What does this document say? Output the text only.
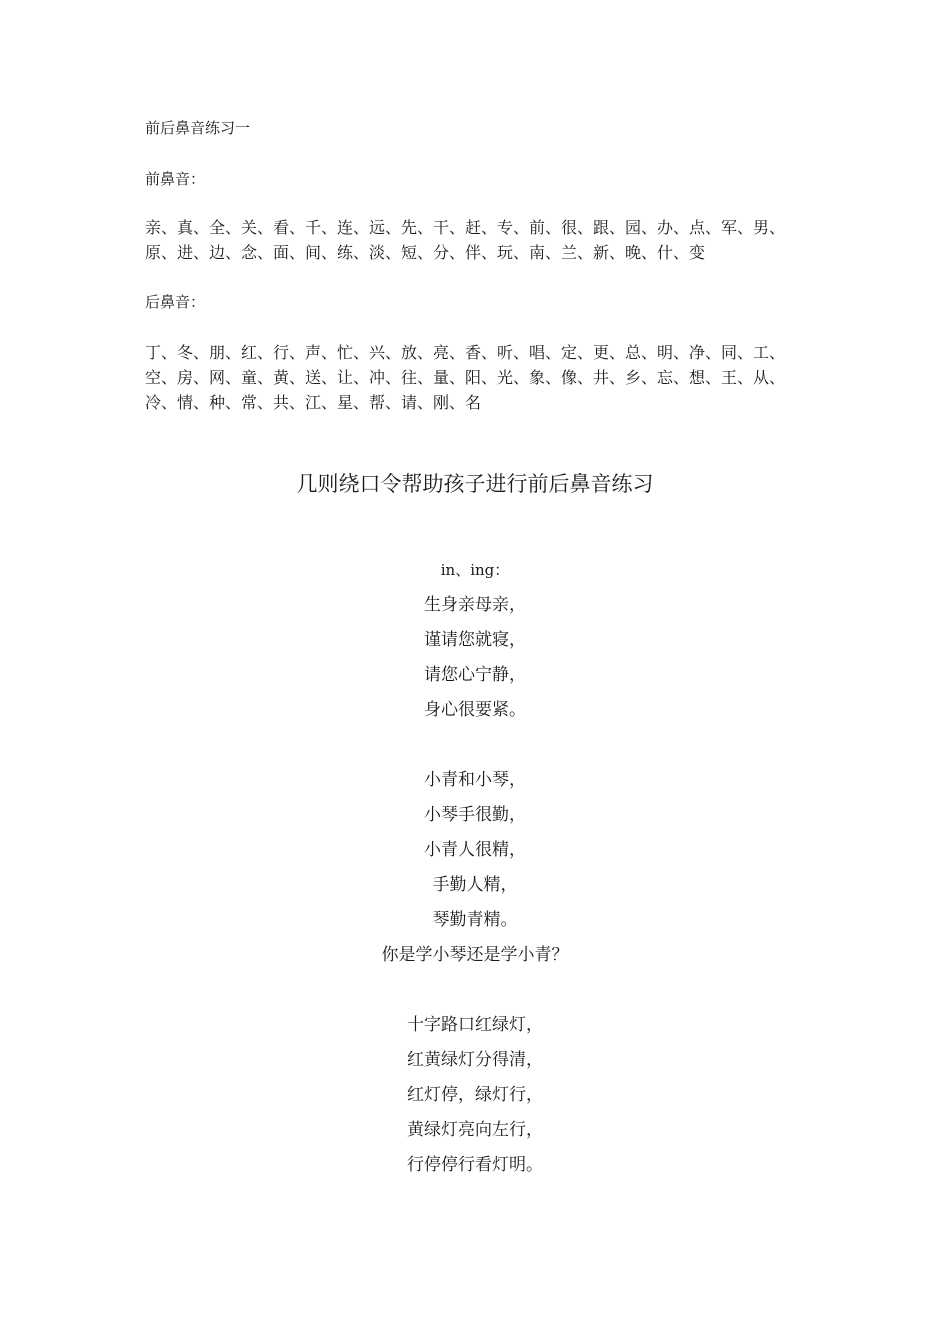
前后鼻音练习一
前鼻音：
亲、真、全、关、看、千、连、远、先、干、赶、专、前、很、跟、园、办、点、军、男、
原、进、边、念、面、间、练、淡、短、分、伴、玩、南、兰、新、晚、什、变
后鼻音：
丁、冬、朋、红、行、声、忙、兴、放、亮、香、听、唱、定、更、总、明、净、同、工、
空、房、网、童、黄、送、让、冲、往、量、阳、光、象、像、井、乡、忘、想、王、从、
冷、情、种、常、共、江、星、帮、请、刚、名
几则绕口令帮助孩子进行前后鼻音练习
in、ing：
生身亲母亲，
谨请您就寝，
请您心宁静，
身心很要紧。
小青和小琴，
小琴手很勤，
小青人很精，
手勤人精，
琴勤青精。
你是学小琴还是学小青？
十字路口红绿灯，
红黄绿灯分得清，
红灯停，绿灯行，
黄绿灯亮向左行，
行停停行看灯明。
